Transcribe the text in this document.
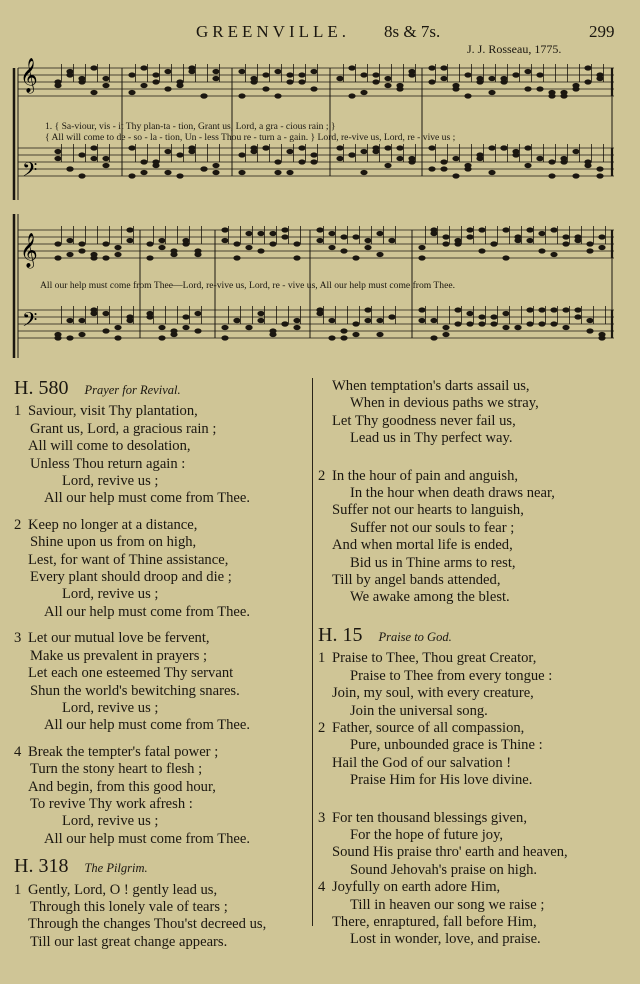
GREENVILLE. 8s & 7s.	299
J. J. Rosseau, 1775.
𝄞
𝄢
𝄞
𝄢
1. { Sa-viour, vis - it Thy plan-ta - tion, Grant us, Lord, a gra - cious rain ; }
{ All will come to de - so - la - tion, Un - less Thou re - turn a - gain. } Lord, re-vive us, Lord, re - vive us ;
All our help must come from Thee—Lord, re-vive us, Lord, re - vive us, All our help must come from Thee.
H. 580 Prayer for Revival.
1 Saviour, visit Thy plantation,
Grant us, Lord, a gracious rain ;
All will come to desolation,
Unless Thou return again :
Lord, revive us ;
All our help must come from Thee.
2 Keep no longer at a distance,
Shine upon us from on high,
Lest, for want of Thine assistance,
Every plant should droop and die ;
Lord, revive us ;
All our help must come from Thee.
3 Let our mutual love be fervent,
Make us prevalent in prayers ;
Let each one esteemed Thy servant
Shun the world's bewitching snares.
Lord, revive us ;
All our help must come from Thee.
4 Break the tempter's fatal power ;
Turn the stony heart to flesh ;
And begin, from this good hour,
To revive Thy work afresh :
Lord, revive us ;
All our help must come from Thee.
H. 318 The Pilgrim.
1 Gently, Lord, O ! gently lead us,
Through this lonely vale of tears ;
Through the changes Thou'st decreed us,
Till our last great change appears.
When temptation's darts assail us,
When in devious paths we stray,
Let Thy goodness never fail us,
Lead us in Thy perfect way.
2 In the hour of pain and anguish,
In the hour when death draws near,
Suffer not our hearts to languish,
Suffer not our souls to fear ;
And when mortal life is ended,
Bid us in Thine arms to rest,
Till by angel bands attended,
We awake among the blest.
H. 15 Praise to God.
1 Praise to Thee, Thou great Creator,
Praise to Thee from every tongue :
Join, my soul, with every creature,
Join the universal song.
2 Father, source of all compassion,
Pure, unbounded grace is Thine :
Hail the God of our salvation !
Praise Him for His love divine.
3 For ten thousand blessings given,
For the hope of future joy,
Sound His praise thro' earth and heaven,
Sound Jehovah's praise on high.
4 Joyfully on earth adore Him,
Till in heaven our song we raise ;
There, enraptured, fall before Him,
Lost in wonder, love, and praise.
